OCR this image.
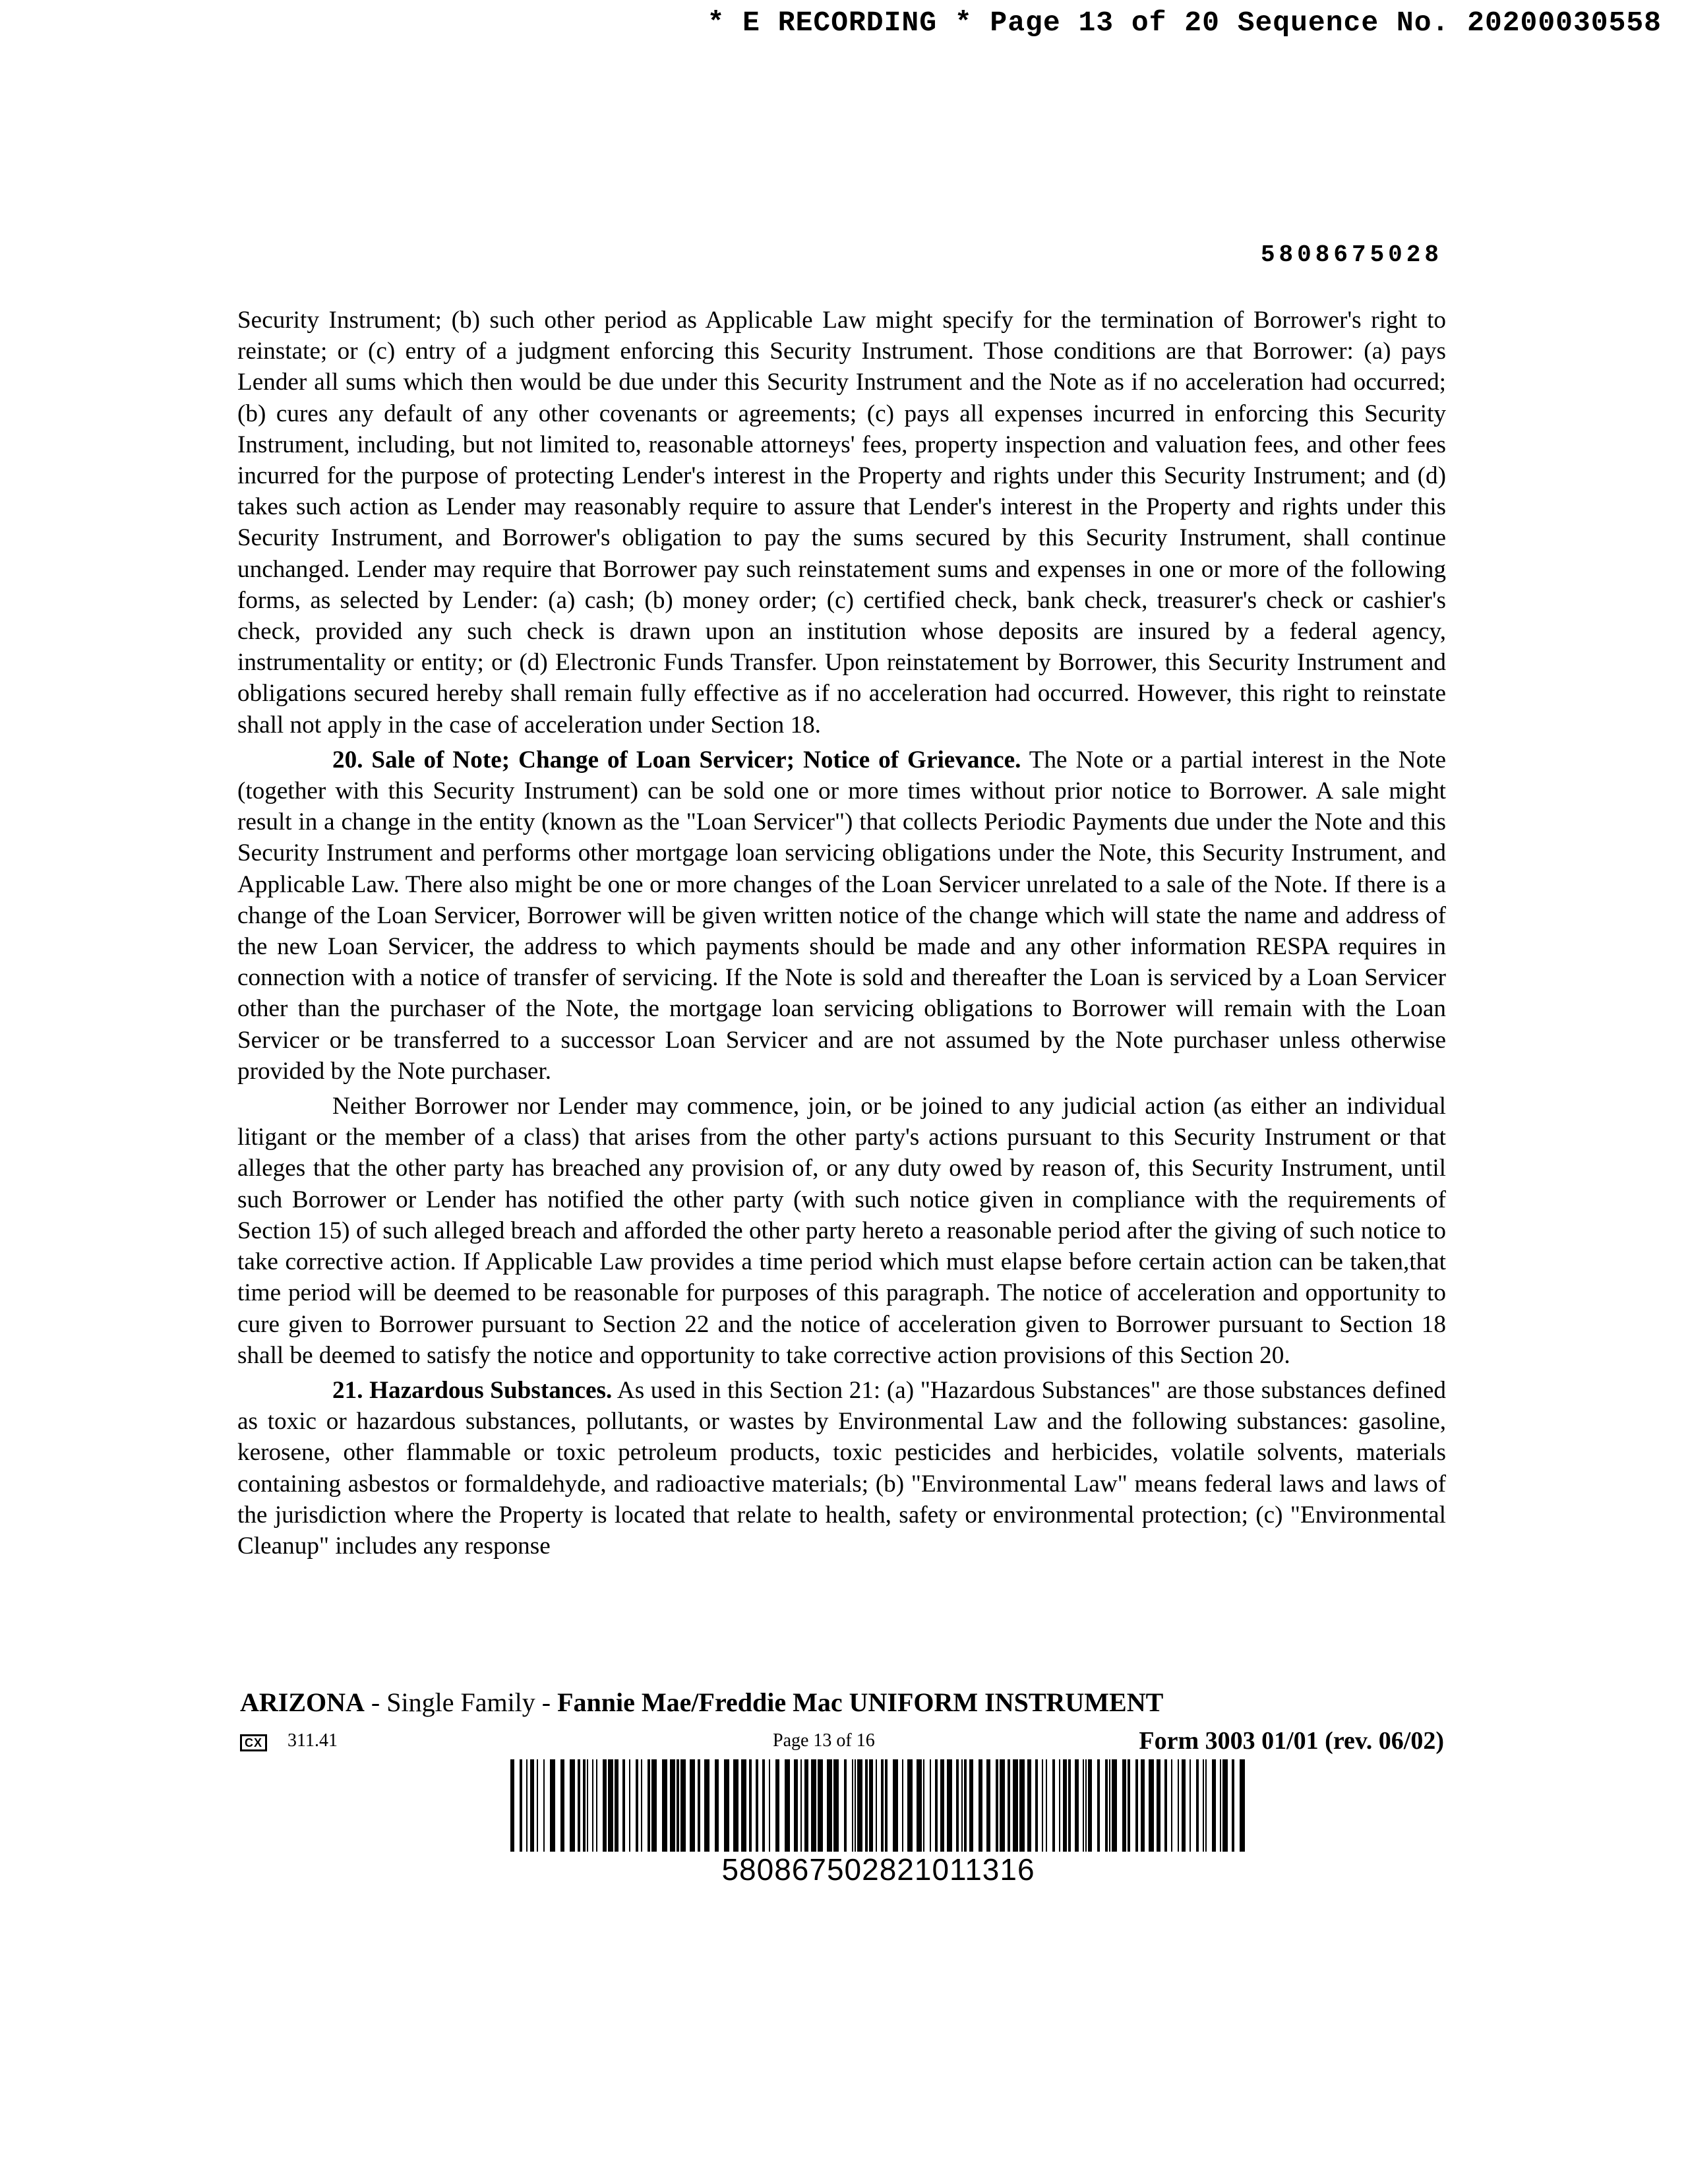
* E RECORDING * Page 13 of 20 Sequence No. 20200030558
5808675028

Security Instrument; (b) such other period as Applicable Law might specify for the termination of Borrower's right to reinstate; or (c) entry of a judgment enforcing this Security Instrument. Those conditions are that Borrower: (a) pays Lender all sums which then would be due under this Security Instrument and the Note as if no acceleration had occurred; (b) cures any default of any other covenants or agreements; (c) pays all expenses incurred in enforcing this Security Instrument, including, but not limited to, reasonable attorneys' fees, property inspection and valuation fees, and other fees incurred for the purpose of protecting Lender's interest in the Property and rights under this Security Instrument; and (d) takes such action as Lender may reasonably require to assure that Lender's interest in the Property and rights under this Security Instrument, and Borrower's obligation to pay the sums secured by this Security Instrument, shall continue unchanged. Lender may require that Borrower pay such reinstatement sums and expenses in one or more of the following forms, as selected by Lender: (a) cash; (b) money order; (c) certified check, bank check, treasurer's check or cashier's check, provided any such check is drawn upon an institution whose deposits are insured by a federal agency, instrumentality or entity; or (d) Electronic Funds Transfer. Upon reinstatement by Borrower, this Security Instrument and obligations secured hereby shall remain fully effective as if no acceleration had occurred. However, this right to reinstate shall not apply in the case of acceleration under Section 18.

20. Sale of Note; Change of Loan Servicer; Notice of Grievance. The Note or a partial interest in the Note (together with this Security Instrument) can be sold one or more times without prior notice to Borrower. A sale might result in a change in the entity (known as the "Loan Servicer") that collects Periodic Payments due under the Note and this Security Instrument and performs other mortgage loan servicing obligations under the Note, this Security Instrument, and Applicable Law. There also might be one or more changes of the Loan Servicer unrelated to a sale of the Note. If there is a change of the Loan Servicer, Borrower will be given written notice of the change which will state the name and address of the new Loan Servicer, the address to which payments should be made and any other information RESPA requires in connection with a notice of transfer of servicing. If the Note is sold and thereafter the Loan is serviced by a Loan Servicer other than the purchaser of the Note, the mortgage loan servicing obligations to Borrower will remain with the Loan Servicer or be transferred to a successor Loan Servicer and are not assumed by the Note purchaser unless otherwise provided by the Note purchaser.

Neither Borrower nor Lender may commence, join, or be joined to any judicial action (as either an individual litigant or the member of a class) that arises from the other party's actions pursuant to this Security Instrument or that alleges that the other party has breached any provision of, or any duty owed by reason of, this Security Instrument, until such Borrower or Lender has notified the other party (with such notice given in compliance with the requirements of Section 15) of such alleged breach and afforded the other party hereto a reasonable period after the giving of such notice to take corrective action. If Applicable Law provides a time period which must elapse before certain action can be taken,that time period will be deemed to be reasonable for purposes of this paragraph. The notice of acceleration and opportunity to cure given to Borrower pursuant to Section 22 and the notice of acceleration given to Borrower pursuant to Section 18 shall be deemed to satisfy the notice and opportunity to take corrective action provisions of this Section 20.

21. Hazardous Substances. As used in this Section 21: (a) "Hazardous Substances" are those substances defined as toxic or hazardous substances, pollutants, or wastes by Environmental Law and the following substances: gasoline, kerosene, other flammable or toxic petroleum products, toxic pesticides and herbicides, volatile solvents, materials containing asbestos or formaldehyde, and radioactive materials; (b) "Environmental Law" means federal laws and laws of the jurisdiction where the Property is located that relate to health, safety or environmental protection; (c) "Environmental Cleanup" includes any response

ARIZONA - Single Family - Fannie Mae/Freddie Mac UNIFORM INSTRUMENT
CX 311.41	Page 13 of 16	Form 3003 01/01 (rev. 06/02)
580867502821011316
